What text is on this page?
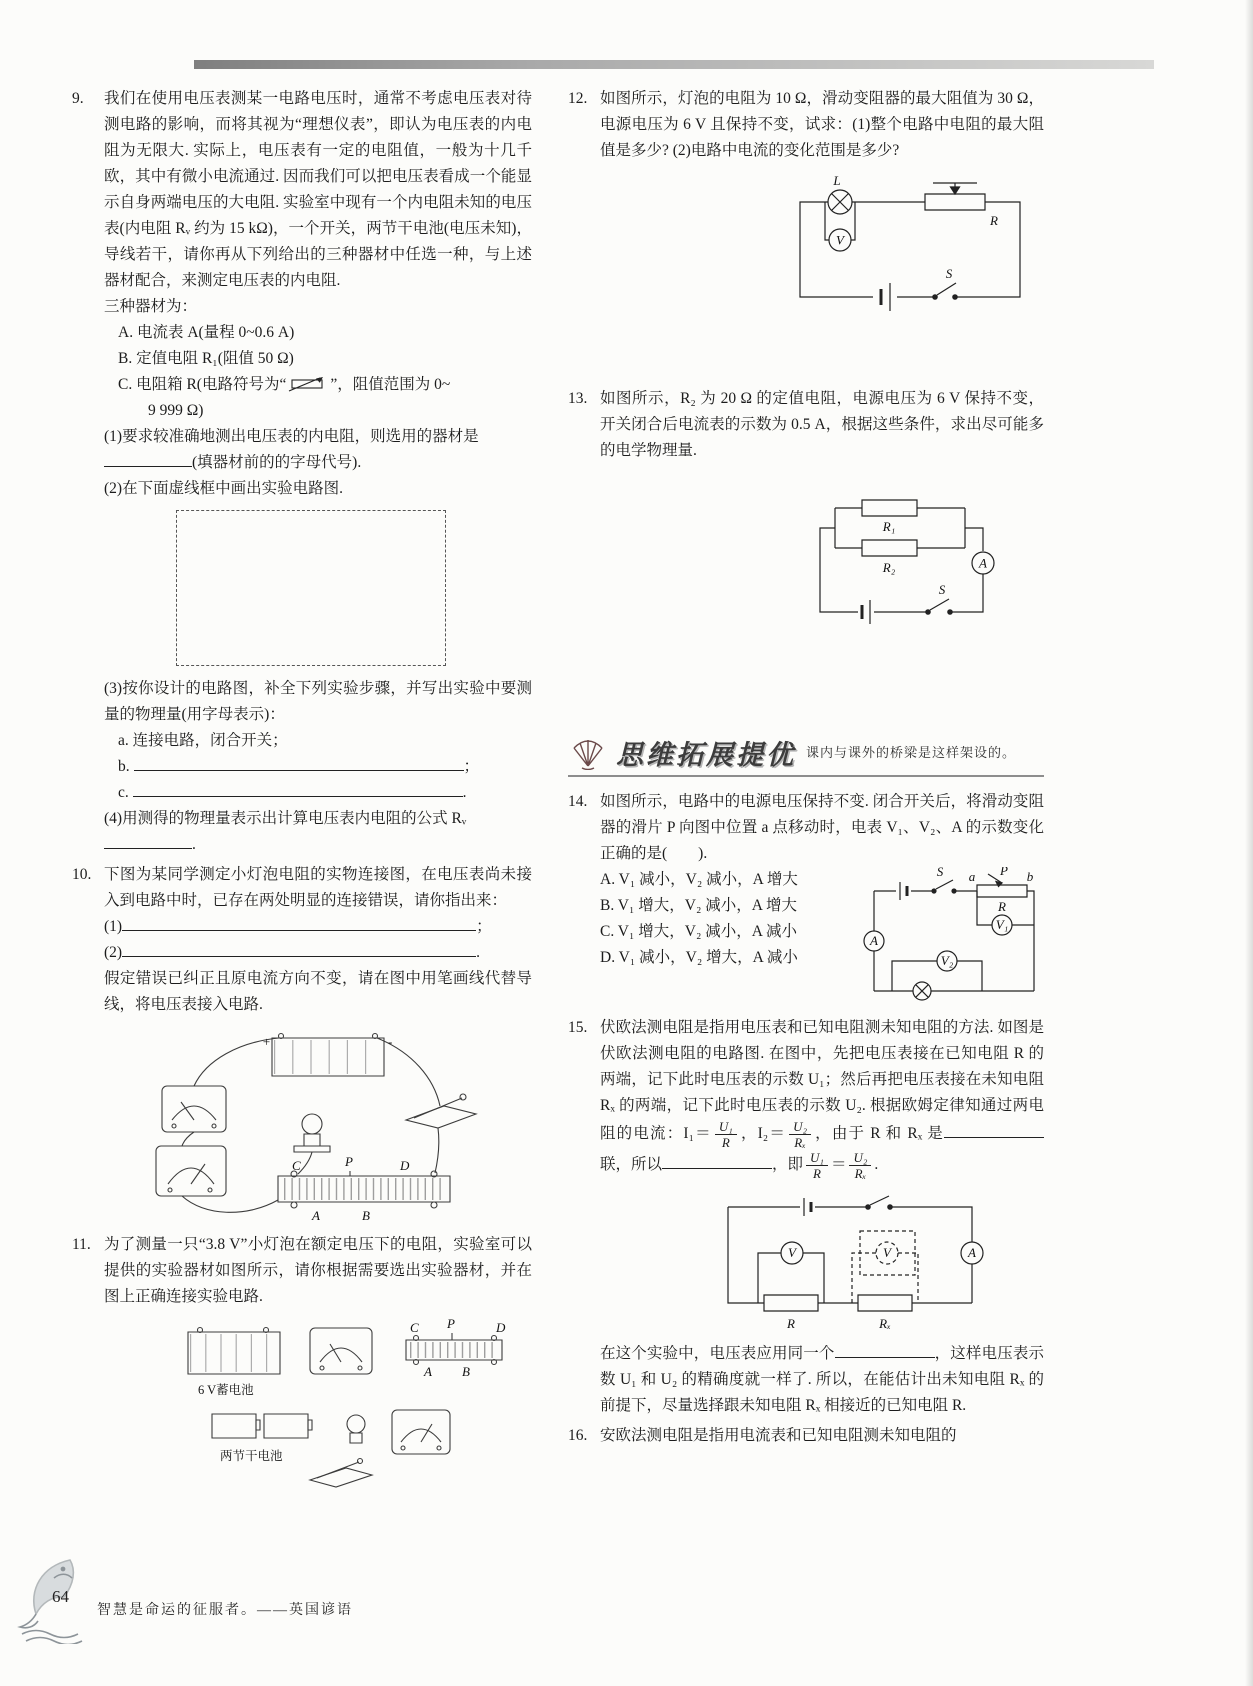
9.	我们在使用电压表测某一电路电压时，通常不考虑电压表对待测电路的影响，而将其视为“理想仪表”，即认为电压表的内电阻为无限大. 实际上，电压表有一定的电阻值，一般为十几千欧，其中有微小电流通过. 因而我们可以把电压表看成一个能显示自身两端电压的大电阻. 实验室中现有一个内电阻未知的电压表(内电阻 Rᵥ 约为 15 kΩ)，一个开关，两节干电池(电压未知)，导线若干，请你再从下列给出的三种器材中任选一种，与上述器材配合，来测定电压表的内电阻.

三种器材为：

A. 电流表 A(量程 0~0.6 A)

B. 定值电阻 R₁(阻值 50 Ω)

C. 电阻箱 R(电路符号为“	”，阻值范围为 0~

9 999 Ω)

(1)要求较准确地测出电压表的内电阻，则选用的器材是

(填器材前的的字母代号).

(2)在下面虚线框中画出实验电路图.

(3)按你设计的电路图，补全下列实验步骤，并写出实验中要测量的物理量(用字母表示)：

a. 连接电路，闭合开关；

b.	；

c.	.

(4)用测得的物理量表示出计算电压表内电阻的公式 Rᵥ

.

10. 下图为某同学测定小灯泡电阻的实物连接图，在电压表尚未接入到电路中时，已存在两处明显的连接错误，请你指出来：

(1)	；

(2)	.

假定错误已纠正且原电流方向不变，请在图中用笔画线代替导线，将电压表接入电路.

+	-
C	P	D
A	B
11. 为了测量一只“3.8 V”小灯泡在额定电压下的电阻，实验室可以提供的实验器材如图所示，请你根据需要选出实验器材，并在图上正确连接实验电路.

6 V蓄电池
两节干电池
C P	D
A B
12. 如图所示，灯泡的电阻为 10 Ω，滑动变阻器的最大阻值为 30 Ω，电源电压为 6 V 且保持不变，试求：(1)整个电路中电阻的最大阻值是多少? (2)电路中电流的变化范围是多少?

L
V
R
S
13. 如图所示，R₂ 为 20 Ω 的定值电阻，电源电压为 6 V 保持不变，开关闭合后电流表的示数为 0.5 A，根据这些条件，求出尽可能多的电学物理量.

R₁
R₂	A
S
思维拓展提优 课内与课外的桥梁是这样架设的。
14. 如图所示，电路中的电源电压保持不变. 闭合开关后，将滑动变阻器的滑片 P 向图中位置 a 点移动时，电表 V₁、V₂、A 的示数变化正确的是(　　).

S a P b
R
A
V₁
V₂

A. V₁ 减小，V₂ 减小，A 增大

B. V₁ 增大，V₂ 减小，A 增大

C. V₁ 增大，V₂ 减小，A 减小

D. V₁ 减小，V₂ 增大，A 减小

15. 伏欧法测电阻是指用电压表和已知电阻测未知电阻的方法. 如图是伏欧法测电阻的电路图. 在图中，先把电压表接在已知电阻 R 的两端，记下此时电压表的示数 U₁；然后再把电压表接在未知电阻 Rₓ 的两端，记下此时电压表的示数 U₂. 根据欧姆定律知通过两电阻的电流：$I_1= \frac{\text{U₁}}{R}$ ，$I_2= \frac{\text{U₂}}{\text{Rₓ}}$ ，由于 R 和 Rₓ 是联，所以	，即 $\frac{\text{U₁}}{R} = \frac{\text{U₂}}{\text{Rₓ}}$ .

V	V	A
R	Rₓ

在这个实验中，电压表应用同一个	，这样电压表示数 U₁ 和 U₂ 的精确度就一样了. 所以，在能估计出未知电阻 Rₓ 的前提下，尽量选择跟未知电阻 Rₓ 相接近的已知电阻 R.

16. 安欧法测电阻是指用电流表和已知电阻测未知电阻的

64
智慧是命运的征服者。——英国谚语
